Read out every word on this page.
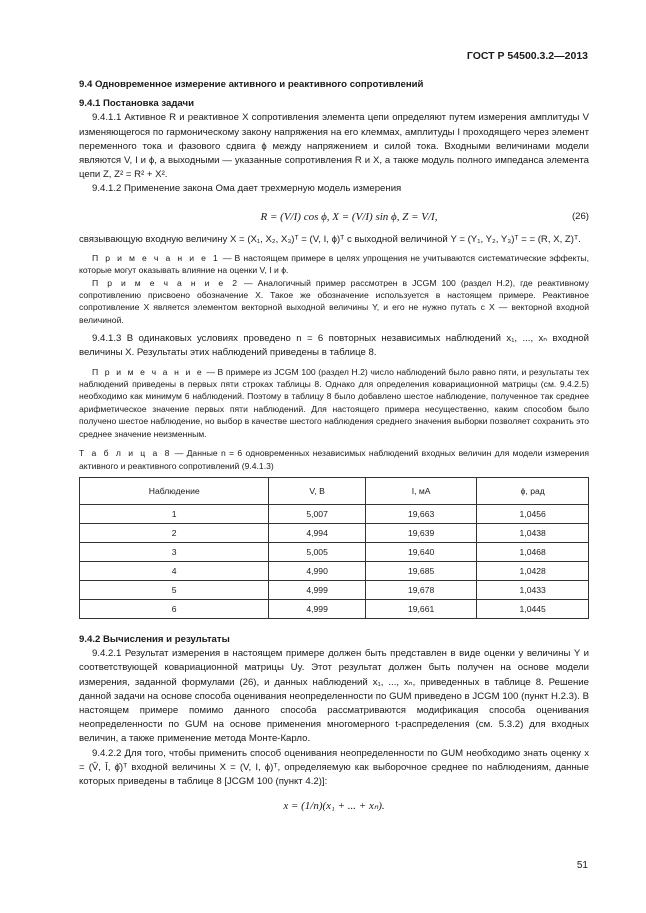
ГОСТ Р 54500.3.2—2013

9.4 Одновременное измерение активного и реактивного сопротивлений

9.4.1 Постановка задачи

9.4.1.1 Активное R и реактивное X сопротивления элемента цепи определяют путем измерения амплитуды V изменяющегося по гармоническому закону напряжения на его клеммах, амплитуды I проходящего через элемент переменного тока и фазового сдвига ϕ между напряжением и силой тока. Входными величинами модели являются V, I и ϕ, а выходными — указанные сопротивления R и X, а также модуль полного импеданса элемента цепи Z, Z² = R² + X².

9.4.1.2 Применение закона Ома дает трехмерную модель измерения

R = (V/I) cos ϕ, X = (V/I) sin ϕ, Z = V/I,	(26)

связывающую входную величину X = (X₁, X₂, X₃)ᵀ = (V, I, ϕ)ᵀ с выходной величиной Y = (Y₁, Y₂, Y₃)ᵀ = = (R, X, Z)ᵀ.

П р и м е ч а н и е 1 — В настоящем примере в целях упрощения не учитываются систематические эффекты, которые могут оказывать влияние на оценки V, I и ϕ.

П р и м е ч а н и е 2 — Аналогичный пример рассмотрен в JCGM 100 (раздел H.2), где реактивному сопротивлению присвоено обозначение X. Такое же обозначение используется в настоящем примере. Реактивное сопротивление X является элементом векторной выходной величины Y, и его не нужно путать с X — векторной входной величиной.

9.4.1.3 В одинаковых условиях проведено n = 6 повторных независимых наблюдений x₁, ..., xₙ входной величины X. Результаты этих наблюдений приведены в таблице 8.

П р и м е ч а н и е — В примере из JCGM 100 (раздел H.2) число наблюдений было равно пяти, и результаты тех наблюдений приведены в первых пяти строках таблицы 8. Однако для определения ковариационной матрицы (см. 9.4.2.5) необходимо как минимум 6 наблюдений. Поэтому в таблицу 8 было добавлено шестое наблюдение, полученное так среднее арифметическое значение первых пяти наблюдений. Для настоящего примера несущественно, каким способом было получено шестое наблюдение, но выбор в качестве шестого наблюдения среднего значения выборки позволяет сохранить это среднее значение неизменным.

Т а б л и ц а 8 — Данные n = 6 одновременных независимых наблюдений входных величин для модели измерения активного и реактивного сопротивлений (9.4.1.3)

Наблюдение	V, В	I, мА	ϕ, рад
1	5,007	19,663	1,0456
2	4,994	19,639	1,0438
3	5,005	19,640	1,0468
4	4,990	19,685	1,0428
5	4,999	19,678	1,0433
6	4,999	19,661	1,0445

9.4.2 Вычисления и результаты

9.4.2.1 Результат измерения в настоящем примере должен быть представлен в виде оценки y величины Y и соответствующей ковариационной матрицы Uy. Этот результат должен быть получен на основе модели измерения, заданной формулами (26), и данных наблюдений x₁, ..., xₙ, приведенных в таблице 8. Решение данной задачи на основе способа оценивания неопределенности по GUM приведено в JCGM 100 (пункт H.2.3). В настоящем примере помимо данного способа рассматриваются модификация способа оценивания неопределенности по GUM на основе применения многомерного t-распределения (см. 5.3.2) для входных величин, а также применение метода Монте-Карло.

9.4.2.2 Для того, чтобы применить способ оценивания неопределенности по GUM необходимо знать оценку x = (V̂, Î, ϕ̂)ᵀ входной величины X = (V, I, ϕ)ᵀ, определяемую как выборочное среднее по наблюдениям, данные которых приведены в таблице 8 [JCGM 100 (пункт 4.2)]:

x = (1/n)(x₁ + ... + xₙ).
51
